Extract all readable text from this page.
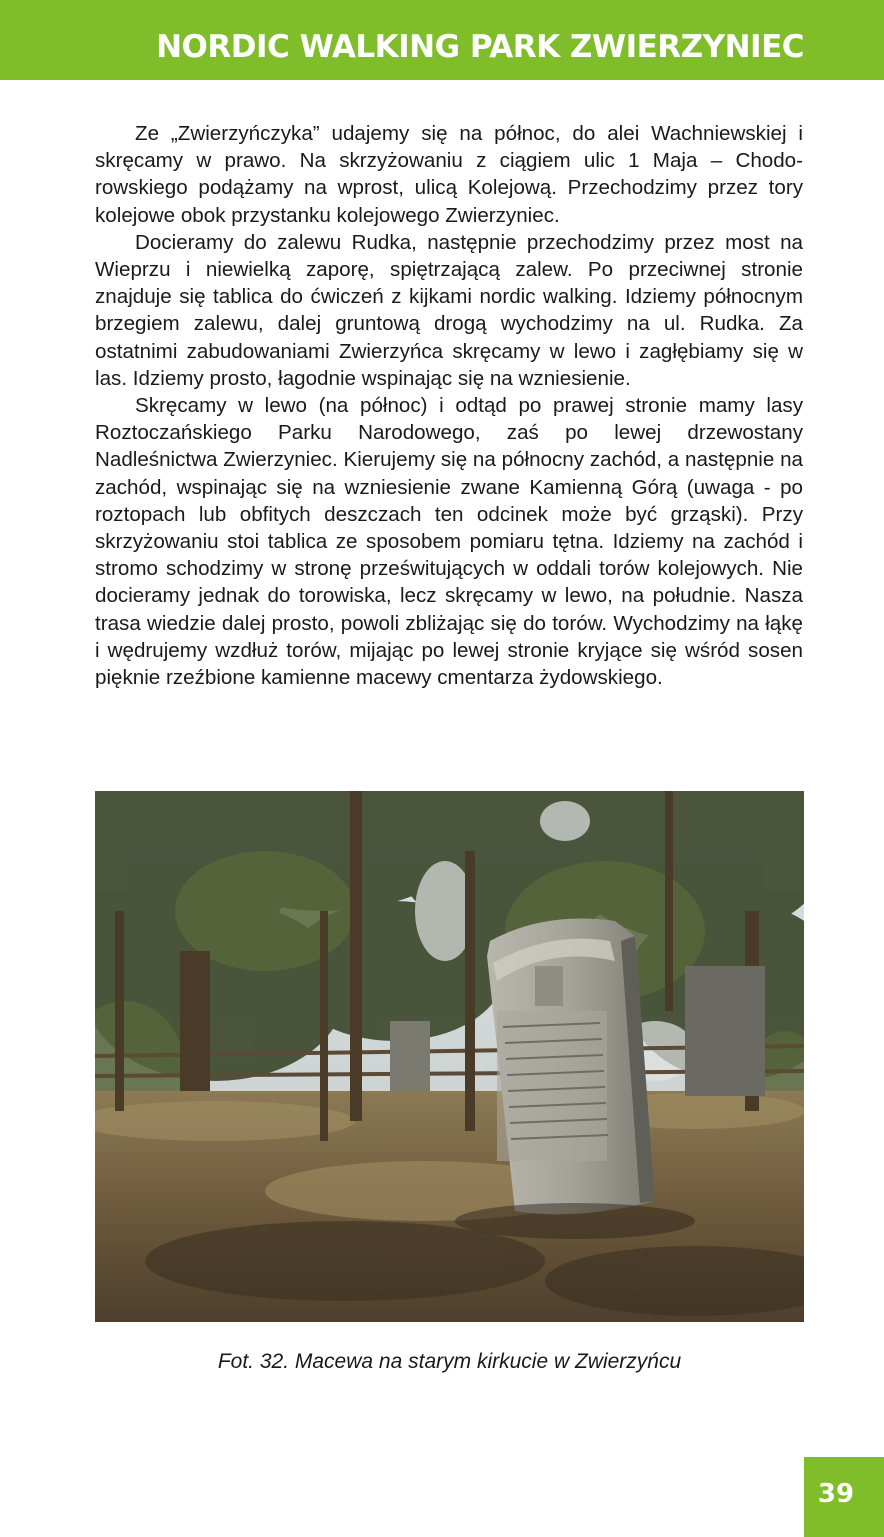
NORDIC WALKING PARK ZWIERZYNIEC

Ze „Zwierzyńczyka” udajemy się na północ, do alei Wachniewskiej i skręcamy w prawo. Na skrzyżowaniu z ciągiem ulic 1 Maja – Chodorowskiego podążamy na wprost, ulicą Kolejową. Przechodzimy przez tory kolejowe obok przystanku kolejowego Zwierzyniec.

Docieramy do zalewu Rudka, następnie przechodzimy przez most na Wieprzu i niewielką zaporę, spiętrzającą zalew. Po przeciwnej stronie znajduje się tablica do ćwiczeń z kijkami nordic walking. Idziemy północnym brzegiem zalewu, dalej gruntową drogą wychodzimy na ul. Rudka. Za ostatnimi zabudowaniami Zwierzyńca skręcamy w lewo i zagłębiamy się w las. Idziemy prosto, łagodnie wspinając się na wzniesienie.

Skręcamy w lewo (na północ) i odtąd po prawej stronie mamy lasy Roztoczańskiego Parku Narodowego, zaś po lewej drzewostany Nadleśnictwa Zwierzyniec. Kierujemy się na północny zachód, a następnie na zachód, wspinając się na wzniesienie zwane Kamienną Górą (uwaga - po roztopach lub obfitych deszczach ten odcinek może być grząski). Przy skrzyżowaniu stoi tablica ze sposobem pomiaru tętna. Idziemy na zachód i stromo schodzimy w stronę prześwitujących w oddali torów kolejowych. Nie docieramy jednak do torowiska, lecz skręcamy w lewo, na południe. Nasza trasa wiedzie dalej prosto, powoli zbliżając się do torów. Wychodzimy na łąkę i wędrujemy wzdłuż torów, mijając po lewej stronie kryjące się wśród sosen pięknie rzeźbione kamienne macewy cmentarza żydowskiego.

Fot. 32. Macewa na starym kirkucie w Zwierzyńcu
39
